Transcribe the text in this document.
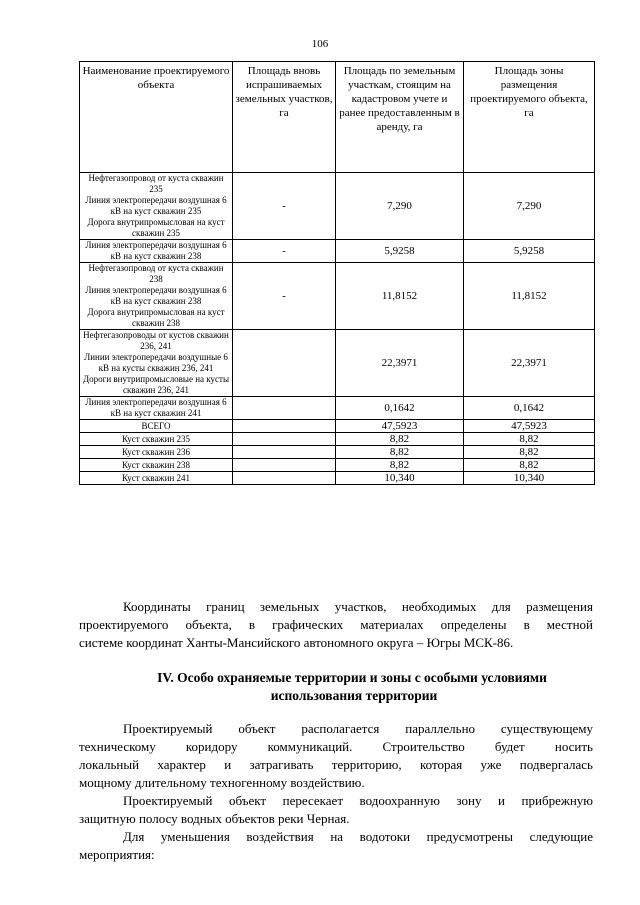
106
Наименование проектируемого объекта	Площадь вновь испрашиваемых земельных участков, га	Площадь по земельным участкам, стоящим на кадастровом учете и ранее предоставленным в аренду, га	Площадь зоны размещения проектируемого объекта, га

Нефтегазопровод от куста скважин 235
Линия электропередачи воздушная 6 кВ на куст скважин 235
Дорога внутрипромысловая на куст скважин 235	-	7,290	7,290

Линия электропередачи воздушная 6 кВ на куст скважин 238	-	5,9258	5,9258

Нефтегазопровод от куста скважин 238
Линия электропередачи воздушная 6 кВ на куст скважин 238
Дорога внутрипромысловая на куст скважин 238	-	11,8152	11,8152

Нефтегазопроводы от кустов скважин 236, 241
Линии электропередачи воздушные 6 кВ на кусты скважин 236, 241
Дороги внутрипромысловые на кусты скважин 236, 241		22,3971	22,3971

Линия электропередачи воздушная 6 кВ на куст скважин 241		0,1642	0,1642

ВСЕГО		47,5923	47,5923

Куст скважин 235		8,82	8,82

Куст скважин 236		8,82	8,82

Куст скважин 238		8,82	8,82

Куст скважин 241		10,340	10,340
Координаты границ земельных участков, необходимых для размещения
проектируемого объекта, в графических материалах определены в местной
системе координат Ханты-Мансийского автономного округа – Югры МСК-86.
IV. Особо охраняемые территории и зоны с особыми условиями
использования территории
Проектируемый объект располагается параллельно существующему
техническому коридору коммуникаций. Строительство будет носить
локальный характер и затрагивать территорию, которая уже подвергалась
мощному длительному техногенному воздействию.
Проектируемый объект пересекает водоохранную зону и прибрежную
защитную полосу водных объектов реки Черная.
Для уменьшения воздействия на водотоки предусмотрены следующие
мероприятия:
